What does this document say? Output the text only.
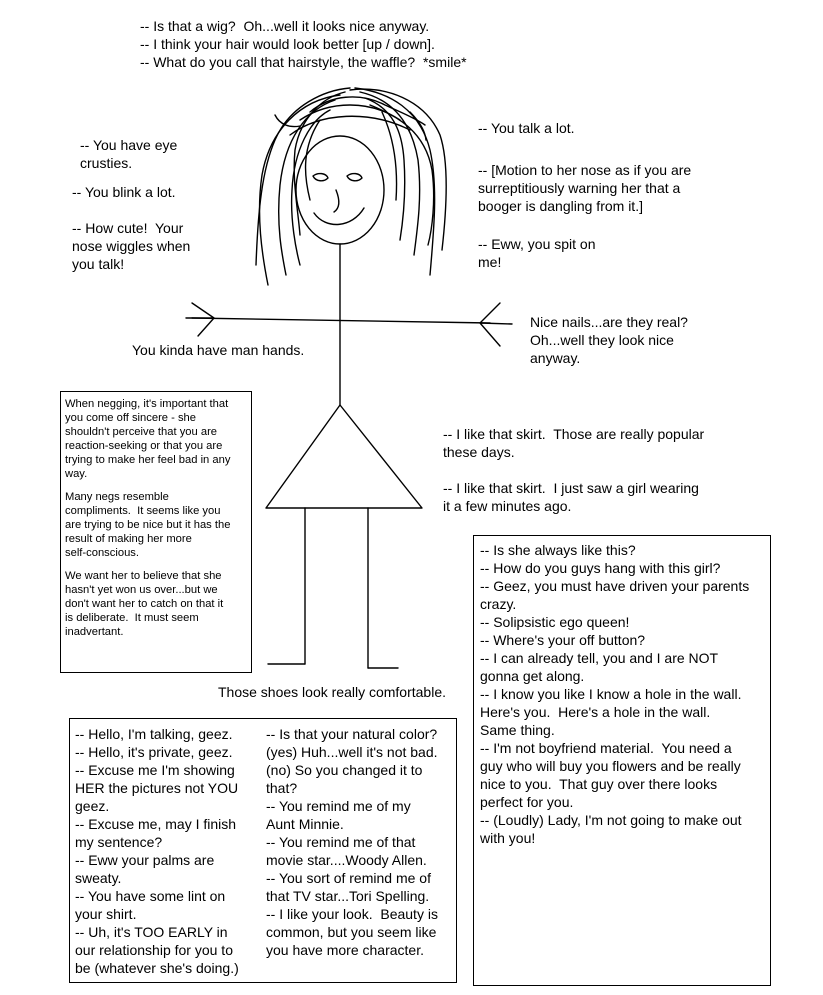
-- Is that a wig?  Oh...well it looks nice anyway.
-- I think your hair would look better [up / down].
-- What do you call that hairstyle, the waffle?  *smile*
-- You have eye
crusties.
-- You blink a lot.
-- How cute!  Your
nose wiggles when
you talk!
-- You talk a lot.
-- [Motion to her nose as if you are
surreptitiously warning her that a
booger is dangling from it.]
-- Eww, you spit on
me!
You kinda have man hands.
Nice nails...are they real?
Oh...well they look nice
anyway.

When negging, it's important that
you come off sincere - she
shouldn't perceive that you are
reaction-seeking or that you are
trying to make her feel bad in any
way.

Many negs resemble
compliments.  It seems like you
are trying to be nice but it has the
result of making her more
self-conscious.

We want her to believe that she
hasn't yet won us over...but we
don't want her to catch on that it
is deliberate.  It must seem
inadvertant.

-- I like that skirt.  Those are really popular
these days.
-- I like that skirt.  I just saw a girl wearing
it a few minutes ago.
Those shoes look really comfortable.
-- Is she always like this?
-- How do you guys hang with this girl?
-- Geez, you must have driven your parents
crazy.
-- Solipsistic ego queen!
-- Where's your off button?
-- I can already tell, you and I are NOT
gonna get along.
-- I know you like I know a hole in the wall.
Here's you.  Here's a hole in the wall.
Same thing.
-- I'm not boyfriend material.  You need a
guy who will buy you flowers and be really
nice to you.  That guy over there looks
perfect for you.
-- (Loudly) Lady, I'm not going to make out
with you!
-- Hello, I'm talking, geez.
-- Hello, it's private, geez.
-- Excuse me I'm showing
HER the pictures not YOU
geez.
-- Excuse me, may I finish
my sentence?
-- Eww your palms are
sweaty.
-- You have some lint on
your shirt.
-- Uh, it's TOO EARLY in
our relationship for you to
be (whatever she's doing.)
-- Is that your natural color?
(yes) Huh...well it's not bad.
(no) So you changed it to
that?
-- You remind me of my
Aunt Minnie.
-- You remind me of that
movie star....Woody Allen.
-- You sort of remind me of
that TV star...Tori Spelling.
-- I like your look.  Beauty is
common, but you seem like
you have more character.
